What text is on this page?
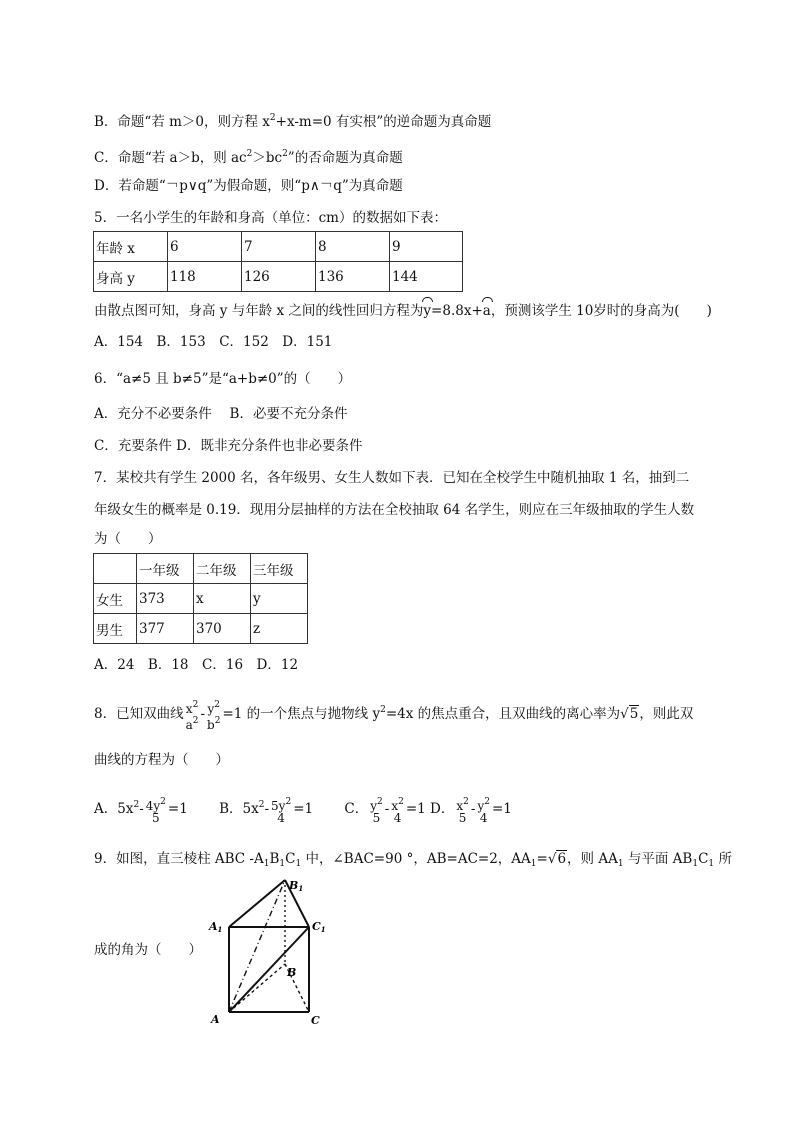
B．命题“若 m＞0，则方程 $x^2+x-m=0$ 有实根”的逆命题为真命题
C．命题“若 a＞b，则 $ac^2>bc^2$”的否命题为真命题
D．若命题“￢p∨q”为假命题，则“p∧￢q”为真命题
5．一名小学生的年龄和身高（单位：cm）的数据如下表：
年龄 x	6	7	8	9
身高 y	118	126	136	144
由散点图可知，身高 y 与年龄 x 之间的线性回归方程为y=8.8x+a，预测该学生 10岁时的身高为(　　)
A．154　B．153　C．152　D．151
6．“a≠5 且 b≠5”是“a+b≠0”的（　　）
A．充分不必要条件　 B．必要不充分条件
C．充要条件 D．既非充分条件也非必要条件
7．某校共有学生 2000 名，各年级男、女生人数如下表．已知在全校学生中随机抽取 1 名，抽到二
年级女生的概率是 0.19．现用分层抽样的方法在全校抽取 64 名学生，则应在三年级抽取的学生人数
为（　　）
	一年级	二年级	三年级
女生	373	x	y
男生	377	370	z
A．24　B．18　C．16　D．12
8．已知双曲线 $x^2$
$a^2 - y^2$
$b^2 =1$ 的一个焦点与抛物线 $y^2=4x$ 的焦点重合，且双曲线的离心率为√5，则此双
曲线的方程为（　　）
A．$5x^2-$ $4y^2$
5
=1　　 B．$5x^2-$ $5y^2$
4
=1　　 C． $y^2$
5
- $x^2$
4
=1 D． $x^2$
5
- $y^2$
4
=1
9．如图，直三棱柱 ABC $-A_1B_1C_1$ 中，∠BAC=90 °，AB=AC=2，$AA_1=√6$，则 $AA_1$ 与平面 $AB_1C_1$ 所
成的角为（　　）
B1
A1	C1
B
A	C
